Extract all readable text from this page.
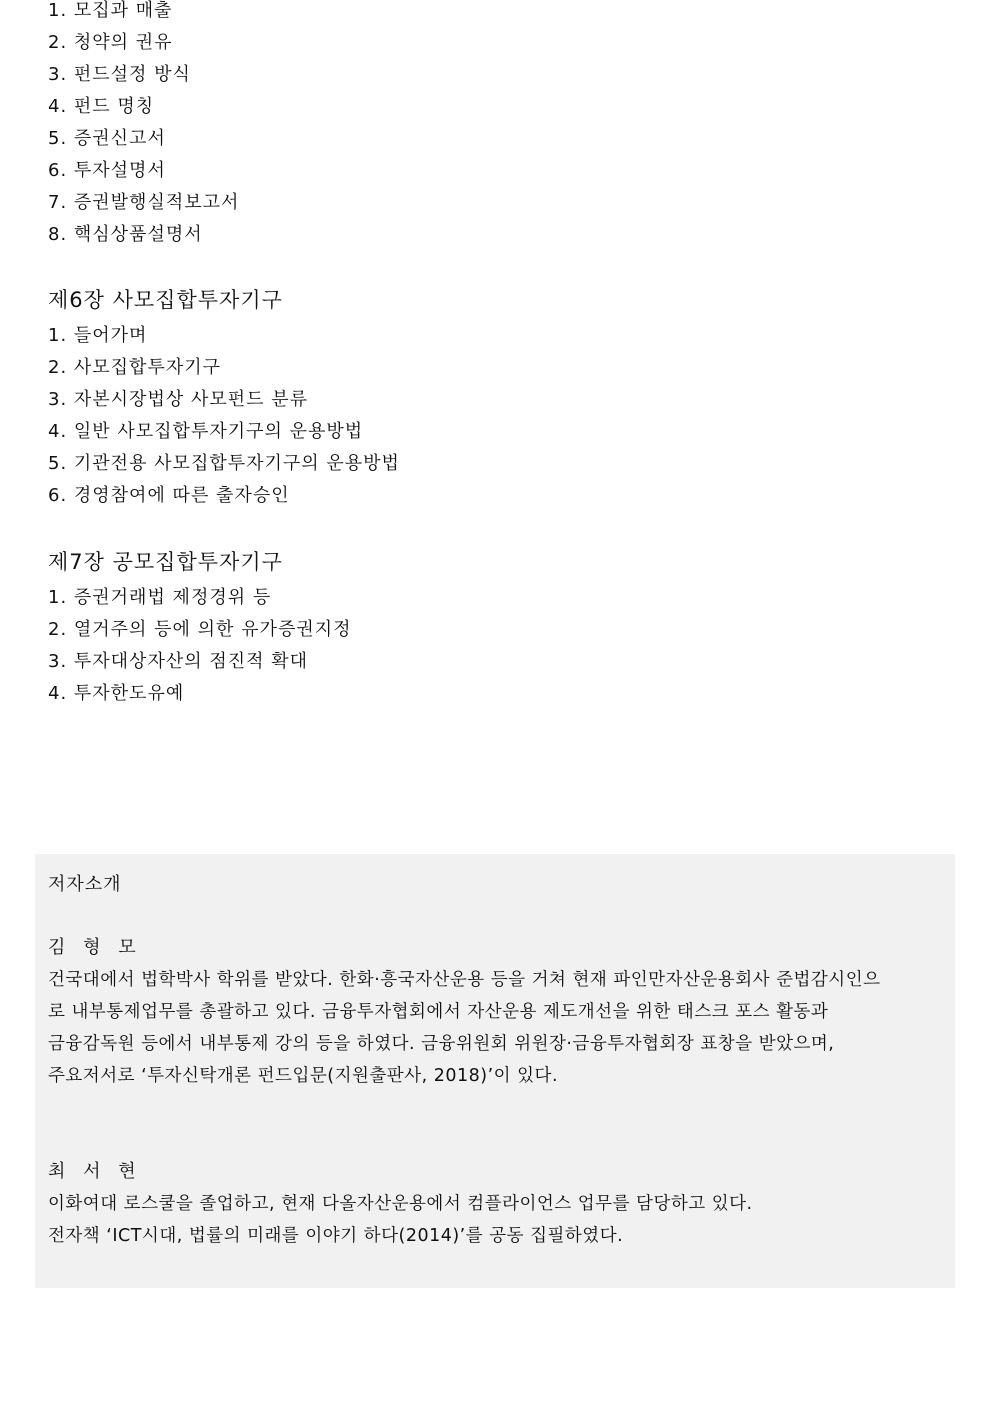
1. 모집과 매출
2. 청약의 권유
3. 펀드설정 방식
4. 펀드 명칭
5. 증권신고서
6. 투자설명서
7. 증권발행실적보고서
8. 핵심상품설명서
제6장 사모집합투자기구
1. 들어가며
2. 사모집합투자기구
3. 자본시장법상 사모펀드 분류
4. 일반 사모집합투자기구의 운용방법
5. 기관전용 사모집합투자기구의 운용방법
6. 경영참여에 따른 출자승인
제7장 공모집합투자기구
1. 증권거래법 제정경위 등
2. 열거주의 등에 의한 유가증권지정
3. 투자대상자산의 점진적 확대
4. 투자한도유예
저자소개
김 형 모

건국대에서 법학박사 학위를 받았다. 한화·흥국자산운용 등을 거쳐 현재 파인만자산운용회사 준법감시인으

로 내부통제업무를 총괄하고 있다. 금융투자협회에서 자산운용 제도개선을 위한 태스크 포스 활동과

금융감독원 등에서 내부통제 강의 등을 하였다. 금융위원회 위원장·금융투자협회장 표창을 받았으며,

주요저서로 ‘투자신탁개론 펀드입문(지원출판사, 2018)’이 있다.

최 서 현

이화여대 로스쿨을 졸업하고, 현재 다올자산운용에서 컴플라이언스 업무를 담당하고 있다.

전자책 ‘ICT시대, 법률의 미래를 이야기 하다(2014)’를 공동 집필하였다.
